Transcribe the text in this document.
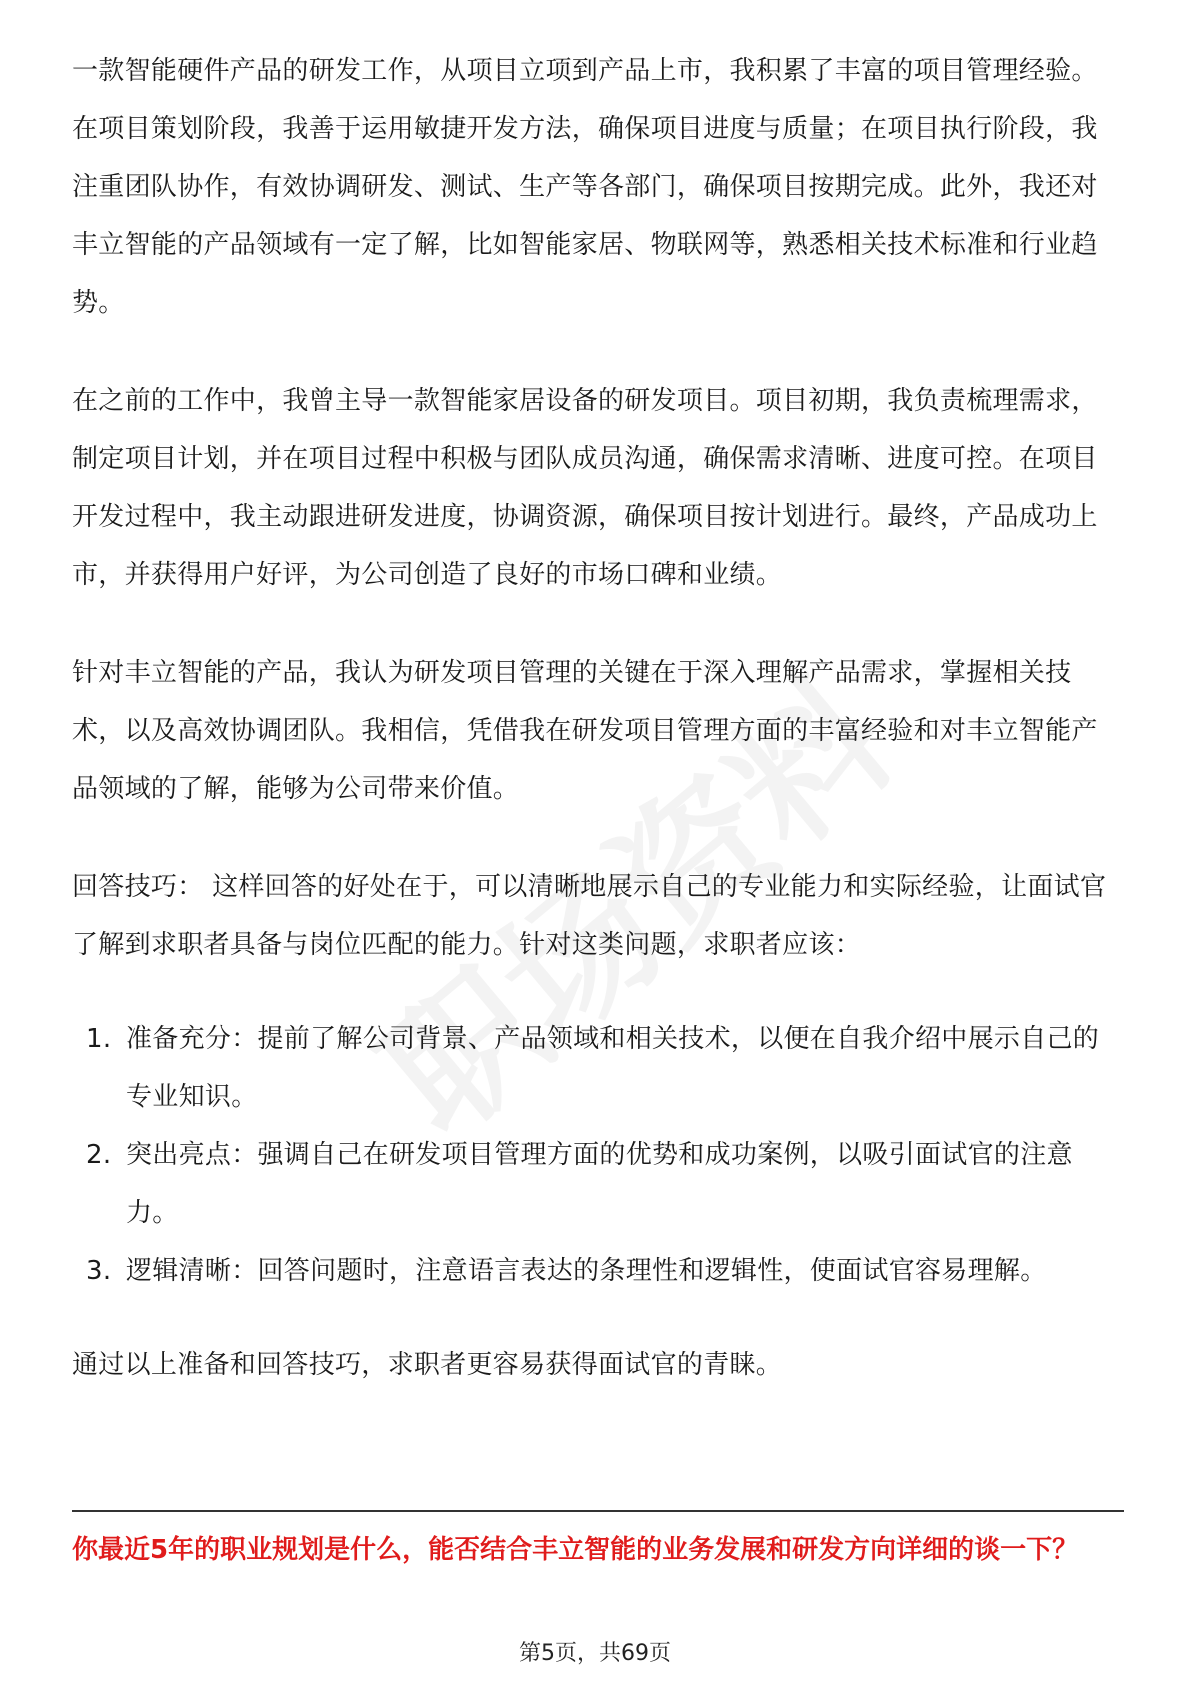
一款智能硬件产品的研发工作，从项目立项到产品上市，我积累了丰富的项目管理经验。在项目策划阶段，我善于运用敏捷开发方法，确保项目进度与质量；在项目执行阶段，我注重团队协作，有效协调研发、测试、生产等各部门，确保项目按期完成。此外，我还对丰立智能的产品领域有一定了解，比如智能家居、物联网等，熟悉相关技术标准和行业趋势。

在之前的工作中，我曾主导一款智能家居设备的研发项目。项目初期，我负责梳理需求，制定项目计划，并在项目过程中积极与团队成员沟通，确保需求清晰、进度可控。在项目开发过程中，我主动跟进研发进度，协调资源，确保项目按计划进行。最终，产品成功上市，并获得用户好评，为公司创造了良好的市场口碑和业绩。

针对丰立智能的产品，我认为研发项目管理的关键在于深入理解产品需求，掌握相关技术，以及高效协调团队。我相信，凭借我在研发项目管理方面的丰富经验和对丰立智能产品领域的了解，能够为公司带来价值。

回答技巧： 这样回答的好处在于，可以清晰地展示自己的专业能力和实际经验，让面试官了解到求职者具备与岗位匹配的能力。针对这类问题，求职者应该：

1. 准备充分：提前了解公司背景、产品领域和相关技术，以便在自我介绍中展示自己的专业知识。
2. 突出亮点：强调自己在研发项目管理方面的优势和成功案例，以吸引面试官的注意力。
3. 逻辑清晰：回答问题时，注意语言表达的条理性和逻辑性，使面试官容易理解。

通过以上准备和回答技巧，求职者更容易获得面试官的青睐。

你最近5年的职业规划是什么，能否结合丰立智能的业务发展和研发方向详细的谈一下？

第5页，共69页
